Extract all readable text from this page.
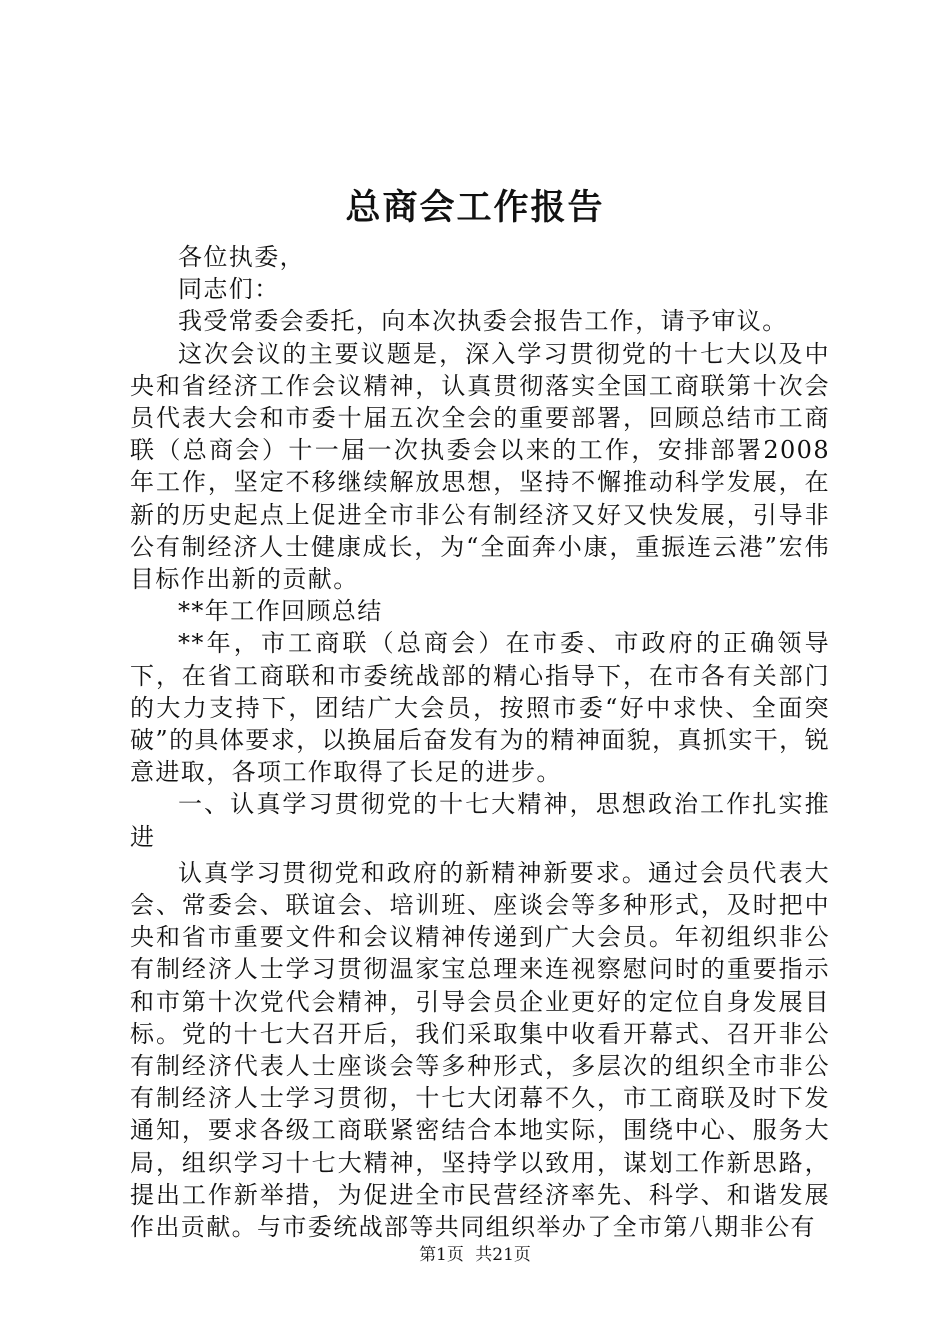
总商会工作报告

各位执委，

同志们：

我受常委会委托，向本次执委会报告工作，请予审议。

这次会议的主要议题是，深入学习贯彻党的十七大以及中央和省经济工作会议精神，认真贯彻落实全国工商联第十次会员代表大会和市委十届五次全会的重要部署，回顾总结市工商联（总商会）十一届一次执委会以来的工作，安排部署2008年工作，坚定不移继续解放思想，坚持不懈推动科学发展，在新的历史起点上促进全市非公有制经济又好又快发展，引导非公有制经济人士健康成长，为“全面奔小康，重振连云港”宏伟目标作出新的贡献。

**年工作回顾总结

**年，市工商联（总商会）在市委、市政府的正确领导下，在省工商联和市委统战部的精心指导下，在市各有关部门的大力支持下，团结广大会员，按照市委“好中求快、全面突破”的具体要求，以换届后奋发有为的精神面貌，真抓实干，锐意进取，各项工作取得了长足的进步。

一、认真学习贯彻党的十七大精神，思想政治工作扎实推进

认真学习贯彻党和政府的新精神新要求。通过会员代表大会、常委会、联谊会、培训班、座谈会等多种形式，及时把中央和省市重要文件和会议精神传递到广大会员。年初组织非公有制经济人士学习贯彻温家宝总理来连视察慰问时的重要指示和市第十次党代会精神，引导会员企业更好的定位自身发展目标。党的十七大召开后，我们采取集中收看开幕式、召开非公有制经济代表人士座谈会等多种形式，多层次的组织全市非公有制经济人士学习贯彻，十七大闭幕不久，市工商联及时下发通知，要求各级工商联紧密结合本地实际，围绕中心、服务大局，组织学习十七大精神，坚持学以致用，谋划工作新思路，提出工作新举措，为促进全市民营经济率先、科学、和谐发展作出贡献。与市委统战部等共同组织举办了全市第八期非公有

第1页 共21页
